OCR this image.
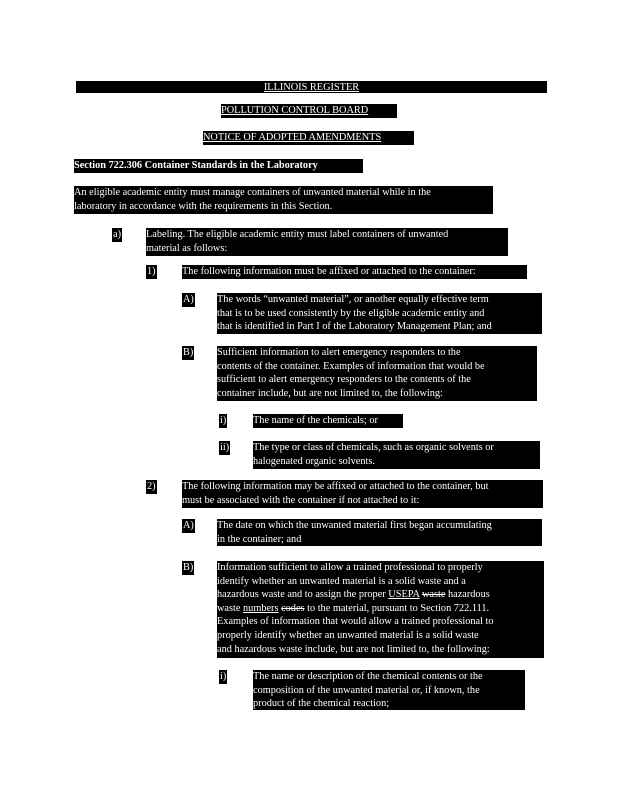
ILLINOIS REGISTER
POLLUTION CONTROL BOARD
NOTICE OF ADOPTED AMENDMENTS
Section 722.306 Container Standards in the Laboratory
An eligible academic entity must manage containers of unwanted material while in the
laboratory in accordance with the requirements in this Section.
a) Labeling. The eligible academic entity must label containers of unwanted
material as follows:
1)	The following information must be affixed or attached to the container:
A) The words “unwanted material”, or another equally effective term
that is to be used consistently by the eligible academic entity and
that is identified in Part I of the Laboratory Management Plan; and
B) Sufficient information to alert emergency responders to the
contents of the container. Examples of information that would be
sufficient to alert emergency responders to the contents of the
container include, but are not limited to, the following:
i)	The name of the chemicals; or
ii) The type or class of chemicals, such as organic solvents or
halogenated organic solvents.
2)	The following information may be affixed or attached to the container, but
must be associated with the container if not attached to it:
A) The date on which the unwanted material first began accumulating
in the container; and
B) Information sufficient to allow a trained professional to properly
identify whether an unwanted material is a solid waste and a
hazardous waste and to assign the proper USEPA waste hazardous
waste numbers codes to the material, pursuant to Section 722.111.
Examples of information that would allow a trained professional to
properly identify whether an unwanted material is a solid waste
and hazardous waste include, but are not limited to, the following:
i)	The name or description of the chemical contents or the
composition of the unwanted material or, if known, the
product of the chemical reaction;
